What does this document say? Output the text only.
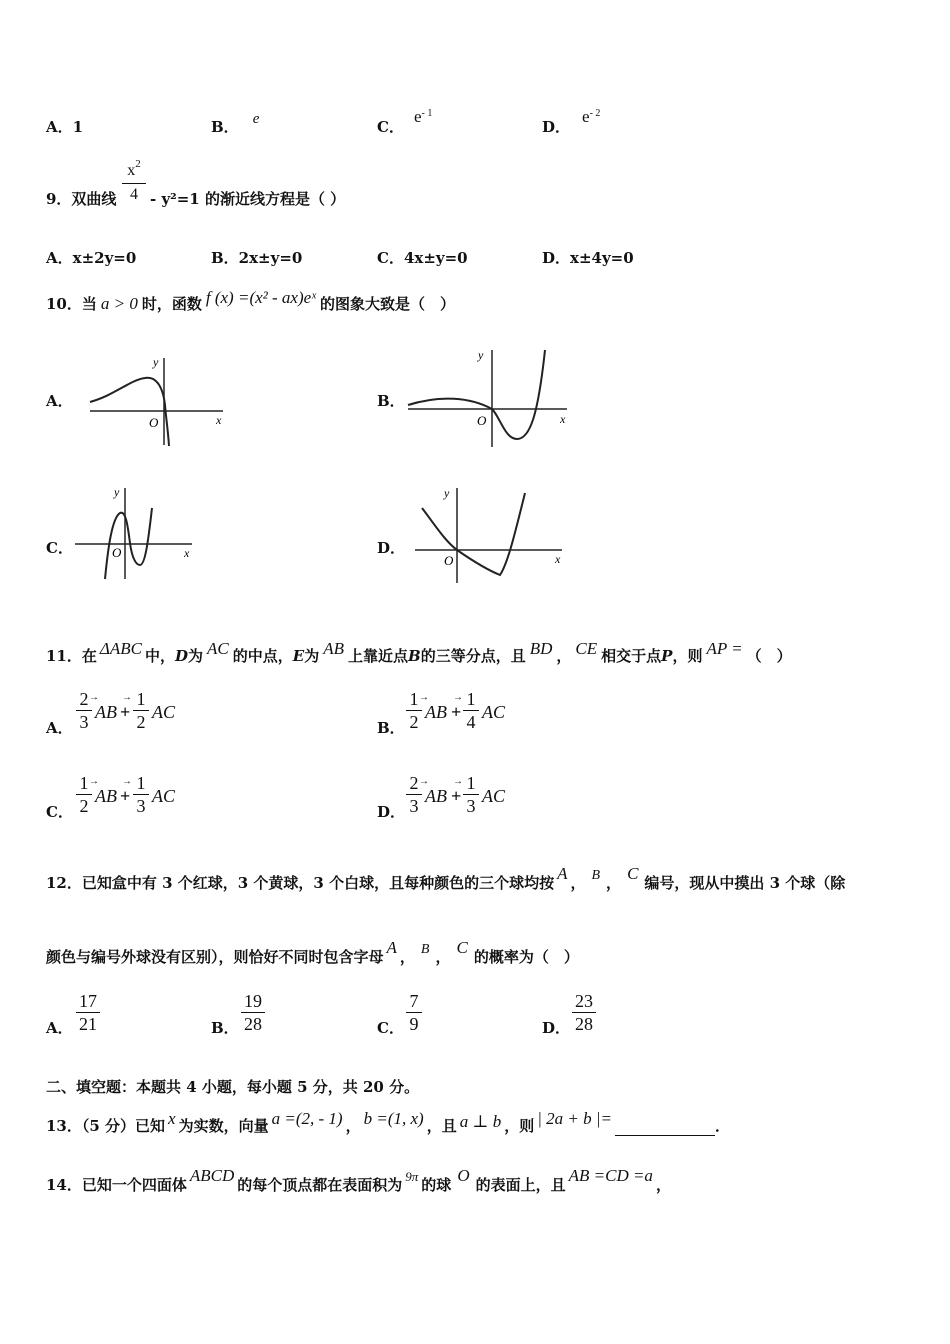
A．1	B． e	C．$e^{- 1}$
D．$e^{- 2}$
9．双曲线 $\frac{x^2}{4} - y^2=1$ 的渐近线方程是（ ）
A．x±2y=0	B．2x±y=0	C．4x±y=0	D．x±4y=0
10．当 a > 0 时，函数 f (x) =(x² - ax)eˣ 的图象大致是（　）
A．	B．
C．	D．
y
x
O
y
x
O
y
x
O
y
x
O
11．在 ΔABC 中，D为 AC 的中点，E为 AB 上靠近点B的三等分点，且 BD ， CE 相交于点P，则 AP = （　）
A． $\frac{2}{3}$
→
AB
→
+ $\frac{1}{2}$ AC
B． $\frac{1}{2}$
→
AB
→
+ $\frac{1}{4}$ AC
C． $\frac{1}{2}$
→
AB
→
+ $\frac{1}{3}$ AC
D． $\frac{2}{3}$
→
AB
→
+ $\frac{1}{3}$ AC
12．已知盒中有 3 个红球，3 个黄球，3 个白球，且每种颜色的三个球均按 A ， B ， C 编号，现从中摸出 3 个球（除
颜色与编号外球没有区别），则恰好不同时包含字母 A ， B ， C 的概率为（　）
A． $\frac{17}{21}$	B． $\frac{19}{28}$	C． $\frac{7}{9}$	D． $\frac{23}{28}$
二、填空题：本题共 4 小题，每小题 5 分，共 20 分。
13．（5 分）已知 x 为实数，向量 a =(2, - 1) ， b =(1, x) ，且 a ⊥ b ，则 | 2a + b |=	．
14．已知一个四面体 ABCD 的每个顶点都在表面积为 9π 的球 O 的表面上，且 AB =CD =a ，
